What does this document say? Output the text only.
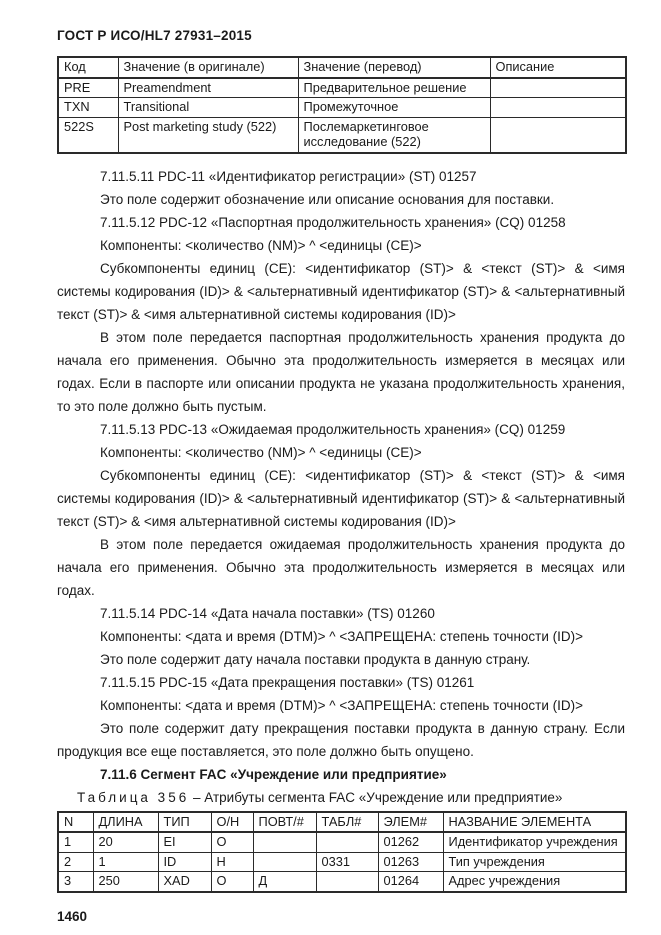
ГОСТ Р ИСО/HL7 27931–2015
Код	Значение (в оригинале)	Значение (перевод)	Описание
PRE	Preamendment	Предварительное решение	
TXN	Transitional	Промежуточное	
522S	Post marketing study (522)	Послемаркетинговое исследование (522)	
7.11.5.11 PDC-11 «Идентификатор регистрации» (ST) 01257
Это поле содержит обозначение или описание основания для поставки.
7.11.5.12 PDC-12 «Паспортная продолжительность хранения» (CQ) 01258
Компоненты: <количество (NM)> ^ <единицы (CE)>
Субкомпоненты единиц (CE): <идентификатор (ST)> & <текст (ST)> & <имя системы кодирования (ID)> & <альтернативный идентификатор (ST)> & <альтернативный текст (ST)> & <имя альтернативной системы кодирования (ID)>
В этом поле передается паспортная продолжительность хранения продукта до начала его применения. Обычно эта продолжительность измеряется в месяцах или годах. Если в паспорте или описании продукта не указана продолжительность хранения, то это поле должно быть пустым.
7.11.5.13 PDC-13 «Ожидаемая продолжительность хранения» (CQ) 01259
Компоненты: <количество (NM)> ^ <единицы (CE)>
Субкомпоненты единиц (CE): <идентификатор (ST)> & <текст (ST)> & <имя системы кодирования (ID)> & <альтернативный идентификатор (ST)> & <альтернативный текст (ST)> & <имя альтернативной системы кодирования (ID)>
В этом поле передается ожидаемая продолжительность хранения продукта до начала его применения. Обычно эта продолжительность измеряется в месяцах или годах.
7.11.5.14 PDC-14 «Дата начала поставки» (TS) 01260
Компоненты: <дата и время (DTM)> ^ <ЗАПРЕЩЕНА: степень точности (ID)>
Это поле содержит дату начала поставки продукта в данную страну.
7.11.5.15 PDC-15 «Дата прекращения поставки» (TS) 01261
Компоненты: <дата и время (DTM)> ^ <ЗАПРЕЩЕНА: степень точности (ID)>
Это поле содержит дату прекращения поставки продукта в данную страну. Если продукция все еще поставляется, это поле должно быть опущено.
7.11.6 Сегмент FAC «Учреждение или предприятие»
Таблица 356 – Атрибуты сегмента FAC «Учреждение или предприятие»
N	ДЛИНА	ТИП	О/Н	ПОВТ/#	ТАБЛ#	ЭЛЕМ#	НАЗВАНИЕ ЭЛЕМЕНТА
1	20	EI	О			01262	Идентификатор учреждения
2	1	ID	Н		0331	01263	Тип учреждения
3	250	XAD	О	Д		01264	Адрес учреждения
1460
